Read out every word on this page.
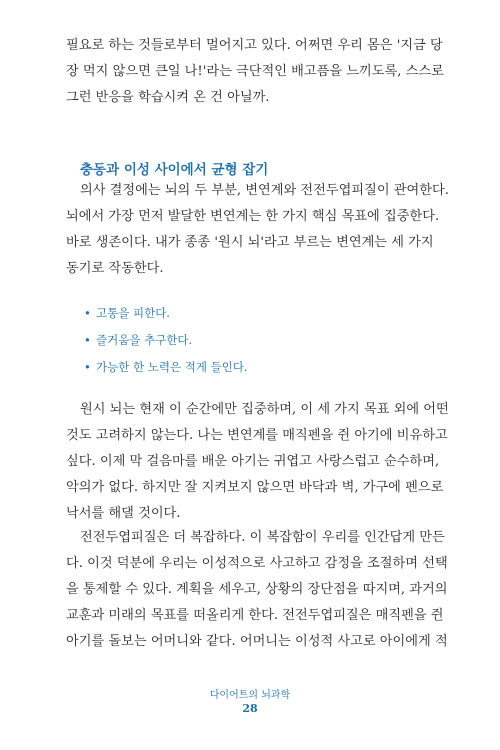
필요로 하는 것들로부터 멀어지고 있다. 어쩌면 우리 몸은 '지금 당
장 먹지 않으면 큰일 나!'라는 극단적인 배고픔을 느끼도록, 스스로
그런 반응을 학습시켜 온 건 아닐까.

충동과 이성 사이에서 균형 잡기

의사 결정에는 뇌의 두 부분, 변연계와 전전두엽피질이 관여한다.
뇌에서 가장 먼저 발달한 변연계는 한 가지 핵심 목표에 집중한다.
바로 생존이다. 내가 종종 '원시 뇌'라고 부르는 변연계는 세 가지
동기로 작동한다.

• 고통을 피한다.
• 즐거움을 추구한다.
• 가능한 한 노력은 적게 들인다.

원시 뇌는 현재 이 순간에만 집중하며, 이 세 가지 목표 외에 어떤
것도 고려하지 않는다. 나는 변연계를 매직펜을 쥔 아기에 비유하고
싶다. 이제 막 걸음마를 배운 아기는 귀엽고 사랑스럽고 순수하며,
악의가 없다. 하지만 잘 지켜보지 않으면 바닥과 벽, 가구에 펜으로
낙서를 해댈 것이다.

전전두엽피질은 더 복잡하다. 이 복잡함이 우리를 인간답게 만든
다. 이것 덕분에 우리는 이성적으로 사고하고 감정을 조절하며 선택
을 통제할 수 있다. 계획을 세우고, 상황의 장단점을 따지며, 과거의
교훈과 미래의 목표를 떠올리게 한다. 전전두엽피질은 매직펜을 쥔
아기를 돌보는 어머니와 같다. 어머니는 이성적 사고로 아이에게 적

다이어트의 뇌과학
28
